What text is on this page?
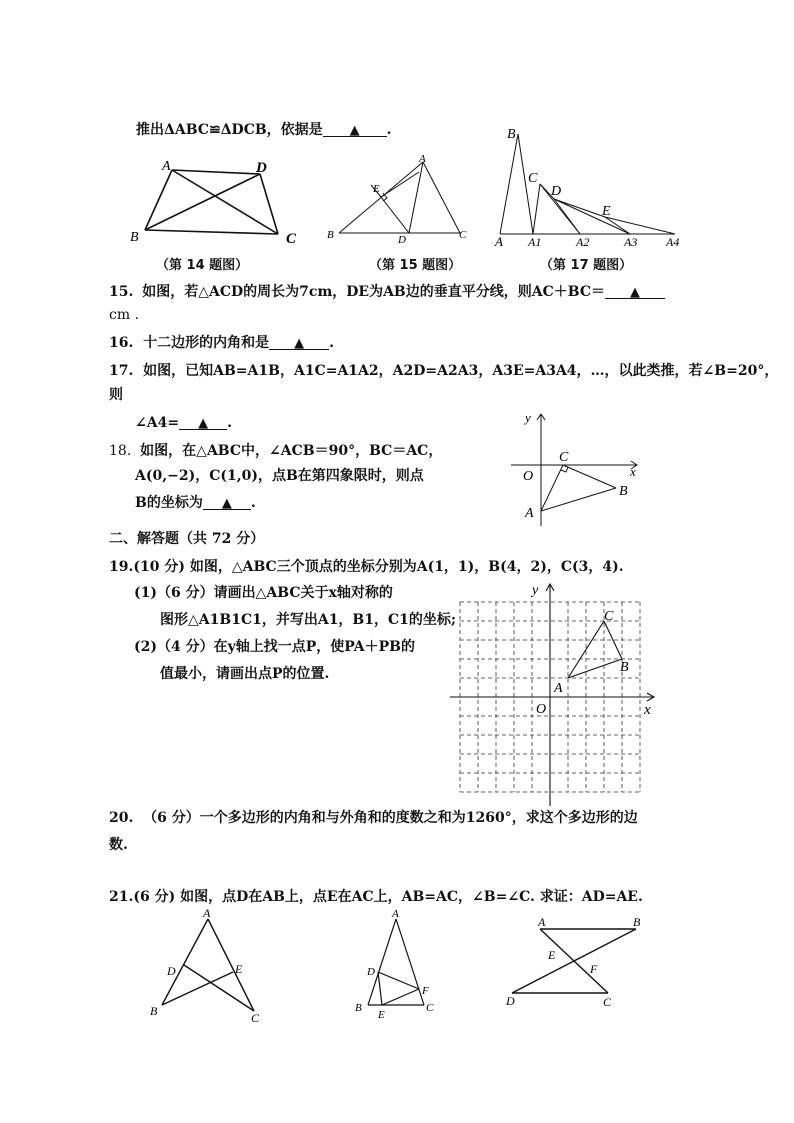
推出ΔABC≌ΔDCB，依据是 ▲ .
A	D
B	C
（第 14 题图）
A
E
B	D	C
（第 15 题图）
B
C
D
E
A A1	A2	A3 A4
（第 17 题图）
15. 如图，若△ACD的周长为7cm，DE为AB边的垂直平分线，则AC＋BC＝ ▲
cm .
16. 十二边形的内角和是 ▲ .
17. 如图，已知AB=A1B，A1C=A1A2，A2D=A2A3，A3E=A3A4，…，以此类推，若∠B=20°，
则
∠A4= ▲ .
18. 如图，在△ABC中，∠ACB＝90°，BC＝AC，
A(0,−2)，C(1,0)，点B在第四象限时，则点
B的坐标为 ▲ .
y
x
O
C
B
A
二、解答题（共 72 分）
19.(10 分) 如图，△ABC三个顶点的坐标分别为A(1，1)，B(4，2)，C(3，4).
(1)（6 分）请画出△ABC关于x轴对称的
图形△A1B1C1，并写出A1，B1，C1的坐标;
(2)（4 分）在y轴上找一点P，使PA＋PB的
值最小，请画出点P的位置.
y
x
O
A
B
C
20. （6 分）一个多边形的内角和与外角和的度数之和为1260°，求这个多边形的边
数.
21.(6 分) 如图，点D在AB上，点E在AC上，AB=AC，∠B=∠C. 求证：AD=AE.
A
D	E
B	C
A
D
F
B
E
C
A	B
E
F
D	C
